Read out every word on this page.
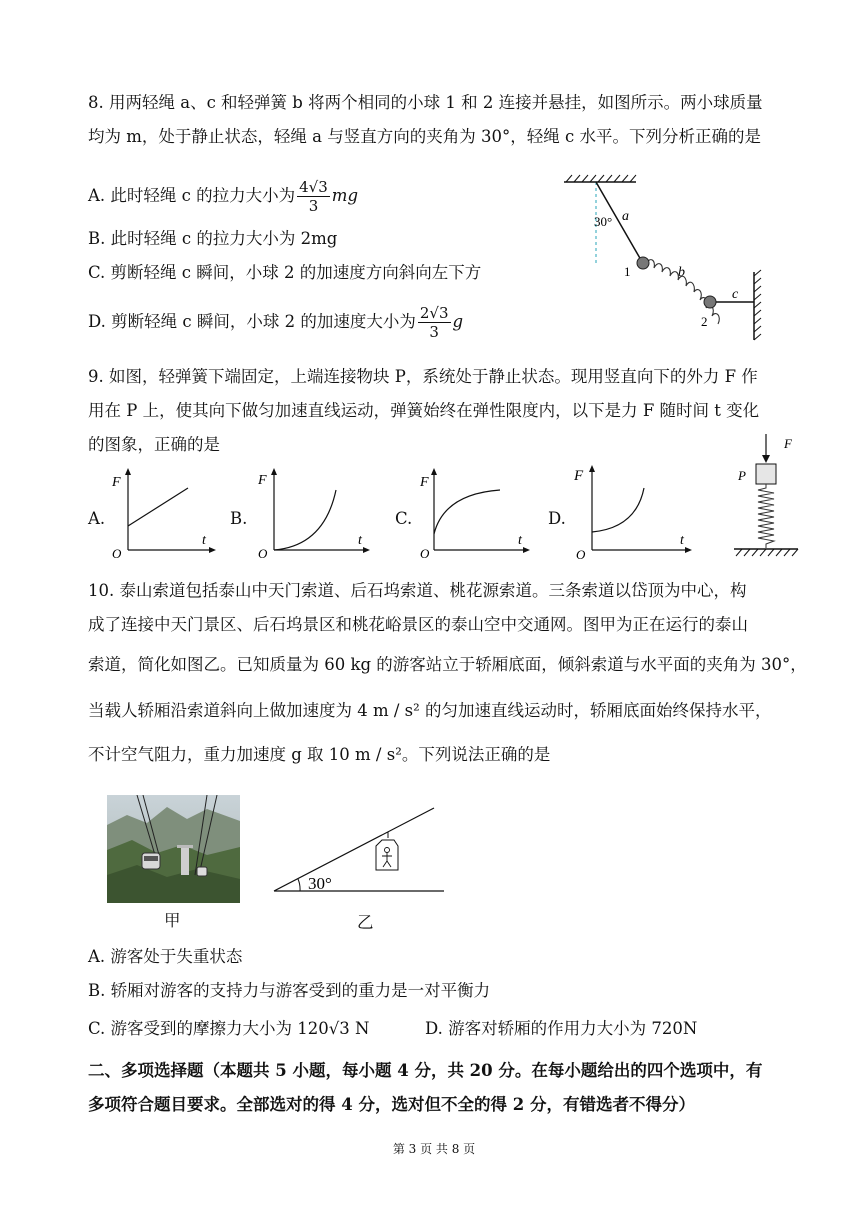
8. 用两轻绳 a、c 和轻弹簧 b 将两个相同的小球 1 和 2 连接并悬挂，如图所示。两小球质量
均为 m，处于静止状态，轻绳 a 与竖直方向的夹角为 30°，轻绳 c 水平。下列分析正确的是
A. 此时轻绳 c 的拉力大小为 $\frac{4√3}{3}$ mg
B. 此时轻绳 c 的拉力大小为 2mg
C. 剪断轻绳 c 瞬间，小球 2 的加速度方向斜向左下方
D. 剪断轻绳 c 瞬间，小球 2 的加速度大小为 $\frac{2√3}{3}$ g
30° a
b
1
2
c
9. 如图，轻弹簧下端固定，上端连接物块 P，系统处于静止状态。现用竖直向下的外力 F 作
用在 P 上，使其向下做匀加速直线运动，弹簧始终在弹性限度内，以下是力 F 随时间 t 变化
的图象，正确的是
A.	B.	C.	D.
F
t
O
F
t
O
F
t
O
F
t
O
F
P
10. 泰山索道包括泰山中天门索道、后石坞索道、桃花源索道。三条索道以岱顶为中心，构
成了连接中天门景区、后石坞景区和桃花峪景区的泰山空中交通网。图甲为正在运行的泰山
索道，简化如图乙。已知质量为 60 kg 的游客站立于轿厢底面，倾斜索道与水平面的夹角为 30°，
当载人轿厢沿索道斜向上做加速度为 4 m / s² 的匀加速直线运动时，轿厢底面始终保持水平，
不计空气阻力，重力加速度 g 取 10 m / s²。下列说法正确的是
甲
30°
乙
A. 游客处于失重状态
B. 轿厢对游客的支持力与游客受到的重力是一对平衡力
C. 游客受到的摩擦力大小为 120√3 N	D. 游客对轿厢的作用力大小为 720N
二、多项选择题（本题共 5 小题，每小题 4 分，共 20 分。在每小题给出的四个选项中，有
多项符合题目要求。全部选对的得 4 分，选对但不全的得 2 分，有错选者不得分）
第 3 页 共 8 页
